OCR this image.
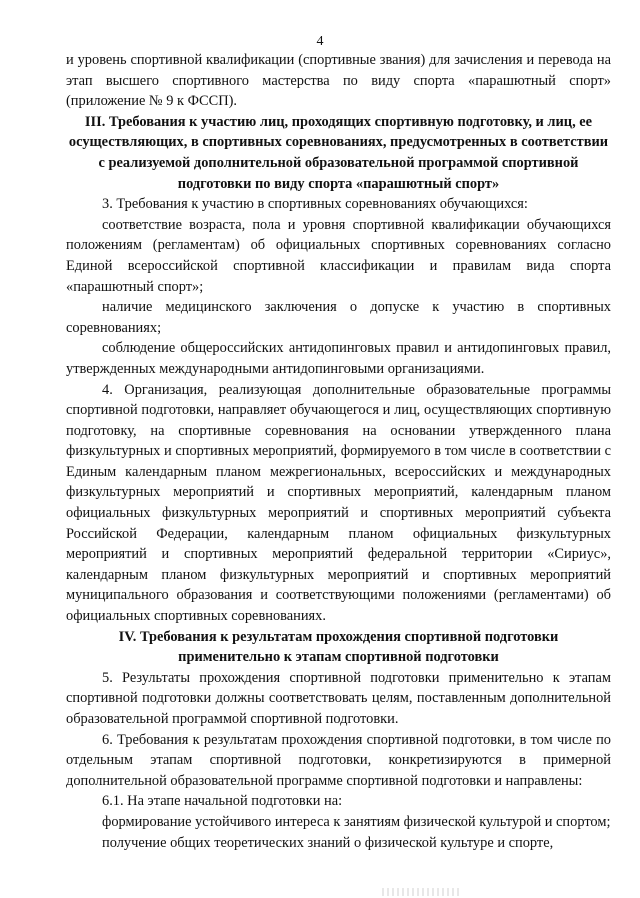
4

и уровень спортивной квалификации (спортивные звания) для зачисления и перевода на этап высшего спортивного мастерства по виду спорта «парашютный спорт» (приложение № 9 к ФССП).

III. Требования к участию лиц, проходящих спортивную подготовку, и лиц, ее осуществляющих, в спортивных соревнованиях, предусмотренных в соответствии с реализуемой дополнительной образовательной программой спортивной подготовки по виду спорта «парашютный спорт»

3. Требования к участию в спортивных соревнованиях обучающихся:

соответствие возраста, пола и уровня спортивной квалификации обучающихся положениям (регламентам) об официальных спортивных соревнованиях согласно Единой всероссийской спортивной классификации и правилам вида спорта «парашютный спорт»;

наличие медицинского заключения о допуске к участию в спортивных соревнованиях;

соблюдение общероссийских антидопинговых правил и антидопинговых правил, утвержденных международными антидопинговыми организациями.

4. Организация, реализующая дополнительные образовательные программы спортивной подготовки, направляет обучающегося и лиц, осуществляющих спортивную подготовку, на спортивные соревнования на основании утвержденного плана физкультурных и спортивных мероприятий, формируемого в том числе в соответствии с Единым календарным планом межрегиональных, всероссийских и международных физкультурных мероприятий и спортивных мероприятий, календарным планом официальных физкультурных мероприятий и спортивных мероприятий субъекта Российской Федерации, календарным планом официальных физкультурных мероприятий и спортивных мероприятий федеральной территории «Сириус», календарным планом физкультурных мероприятий и спортивных мероприятий муниципального образования и соответствующими положениями (регламентами) об официальных спортивных соревнованиях.

IV. Требования к результатам прохождения спортивной подготовки применительно к этапам спортивной подготовки

5. Результаты прохождения спортивной подготовки применительно к этапам спортивной подготовки должны соответствовать целям, поставленным дополнительной образовательной программой спортивной подготовки.

6. Требования к результатам прохождения спортивной подготовки, в том числе по отдельным этапам спортивной подготовки, конкретизируются в примерной дополнительной образовательной программе спортивной подготовки и направлены:

6.1. На этапе начальной подготовки на:

формирование устойчивого интереса к занятиям физической культурой и спортом;

получение общих теоретических знаний о физической культуре и спорте,
